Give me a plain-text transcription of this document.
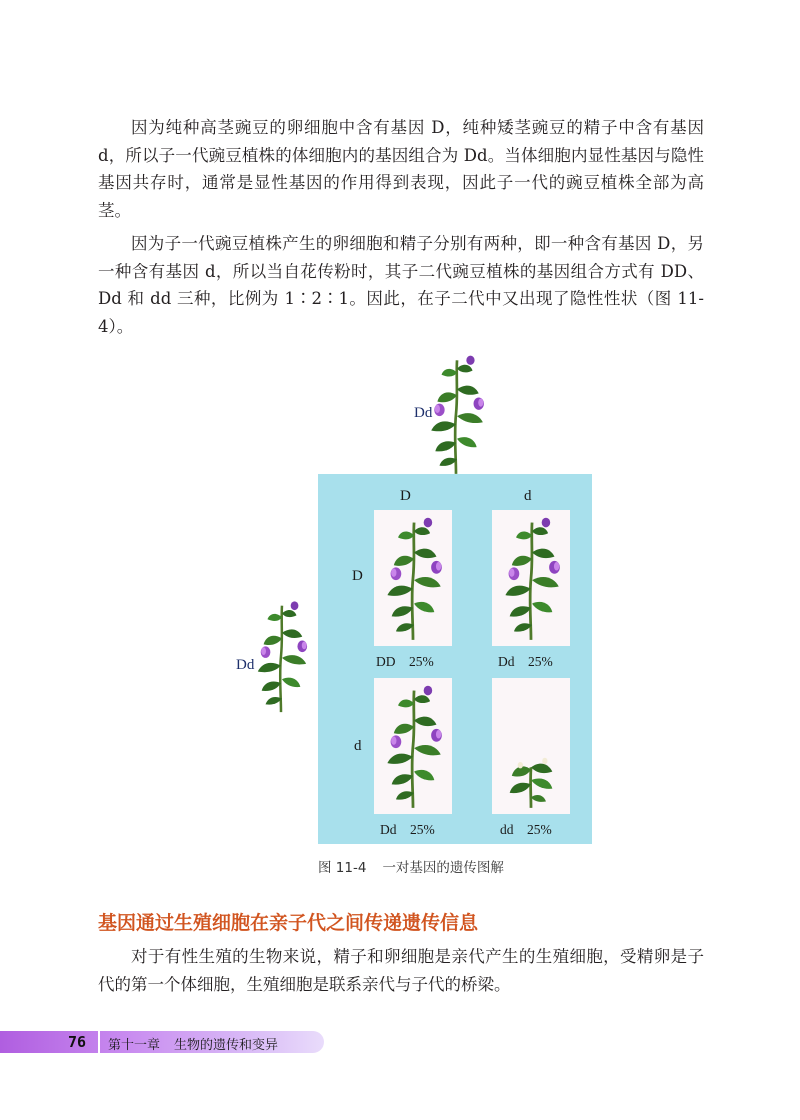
因为纯种高茎豌豆的卵细胞中含有基因 D，纯种矮茎豌豆的精子中含有基因 d，所以子一代豌豆植株的体细胞内的基因组合为 Dd。当体细胞内显性基因与隐性基因共存时，通常是显性基因的作用得到表现，因此子一代的豌豆植株全部为高茎。

因为子一代豌豆植株产生的卵细胞和精子分别有两种，即一种含有基因 D，另一种含有基因 d，所以当自花传粉时，其子二代豌豆植株的基因组合方式有 DD、Dd 和 dd 三种，比例为 1∶2∶1。因此，在子二代中又出现了隐性性状（图 11-4）。

Dd
Dd
D	d
D
d
DD　25%	Dd　25%
Dd　25%	dd　25%
图 11-4 一对基因的遗传图解
基因通过生殖细胞在亲子代之间传递遗传信息

对于有性生殖的生物来说，精子和卵细胞是亲代产生的生殖细胞，受精卵是子代的第一个体细胞，生殖细胞是联系亲代与子代的桥梁。

76 第十一章 生物的遗传和变异
